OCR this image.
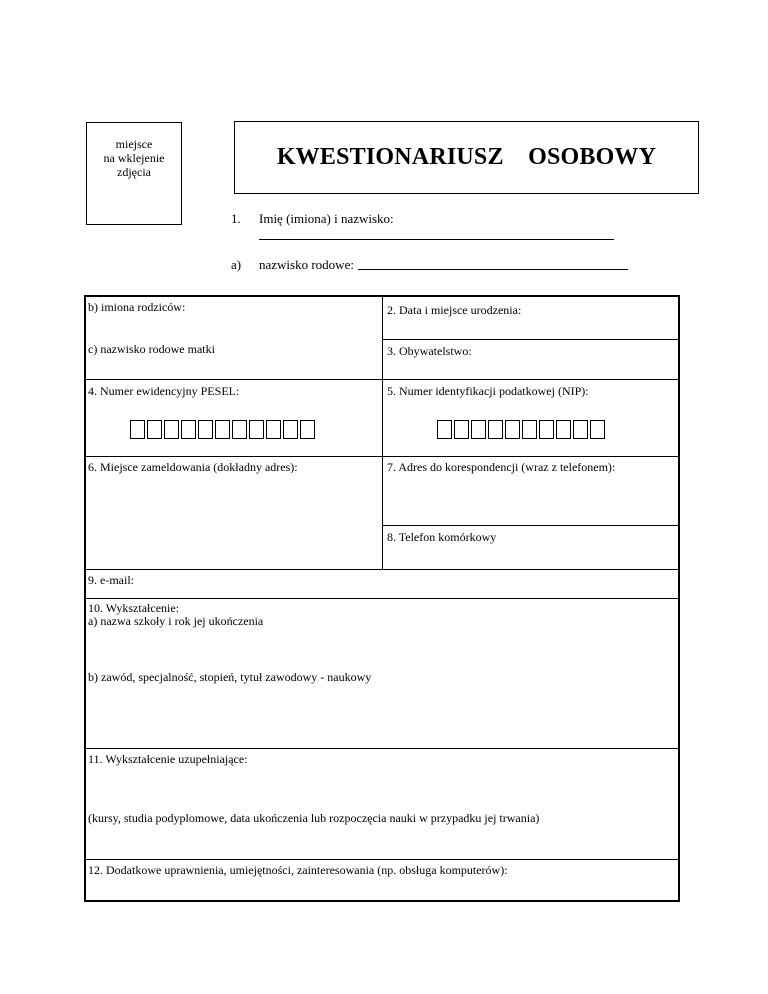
miejsce
na wklejenie
zdjęcia
KWESTIONARIUSZ  OSOBOWY
1. Imię (imiona) i nazwisko:
a) nazwisko rodowe:
b) imiona rodziców:	2. Data i miejsce urodzenia:
c) nazwisko rodowe matki	3. Obywatelstwo:
4. Numer ewidencyjny PESEL:	5. Numer identyfikacji podatkowej (NIP):
6. Miejsce zameldowania (dokładny adres):	7. Adres do korespondencji (wraz z telefonem):
8. Telefon komórkowy
9. e-mail:
10. Wykształcenie:
a) nazwa szkoły i rok jej ukończenia
b) zawód, specjalność, stopień, tytuł zawodowy - naukowy
11. Wykształcenie uzupełniające:
(kursy, studia podyplomowe, data ukończenia lub rozpoczęcia nauki w przypadku jej trwania)
12. Dodatkowe uprawnienia, umiejętności, zainteresowania (np. obsługa komputerów):
